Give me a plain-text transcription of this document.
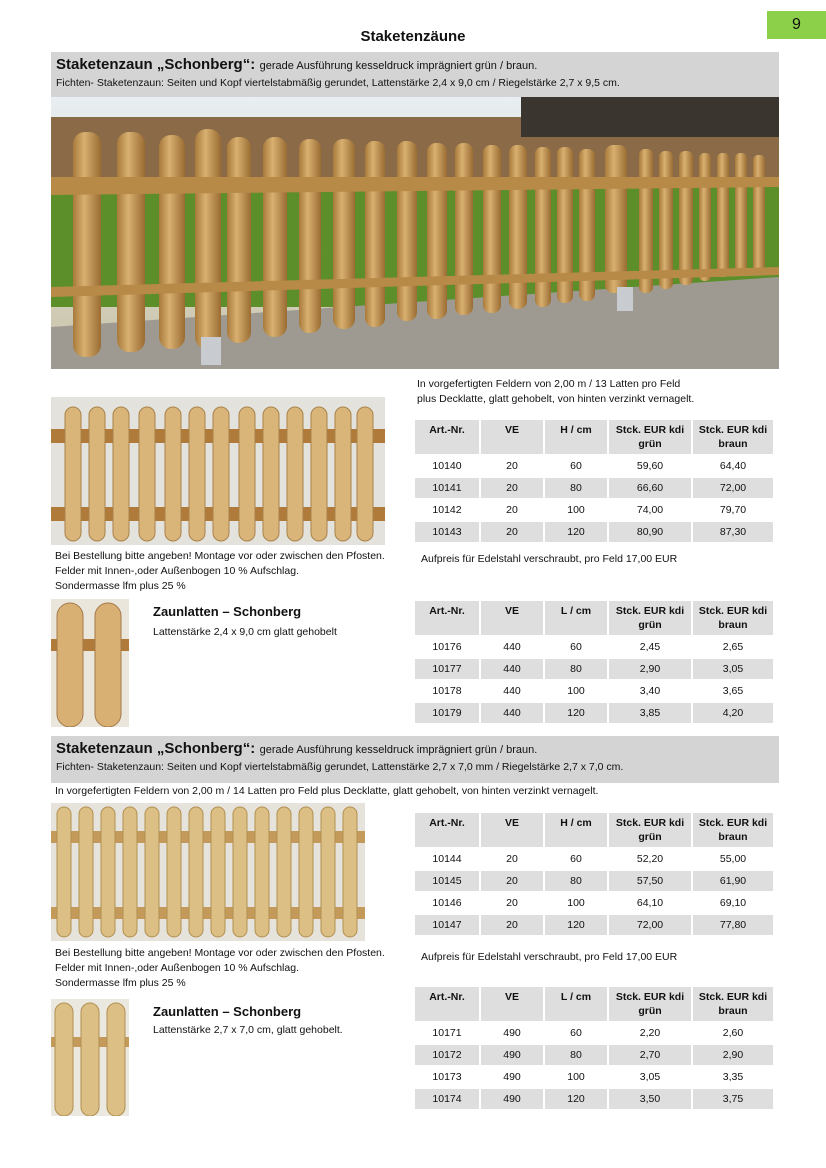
Staketenzäune
9
Staketenzaun „Schonberg“: gerade Ausführung kesseldruck imprägniert grün / braun.
Fichten- Staketenzaun: Seiten und Kopf viertelstabmäßig gerundet, Lattenstärke 2,4 x 9,0 cm / Riegelstärke 2,7 x 9,5 cm.
In vorgefertigten Feldern von 2,00 m / 13 Latten pro Feld
plus Decklatte, glatt gehobelt, von hinten verzinkt vernagelt.
Art.-Nr.	VE	H / cm	Stck. EUR kdi grün	Stck. EUR kdi braun
10140	20	60	59,60	64,40
10141	20	80	66,60	72,00
10142	20	100	74,00	79,70
10143	20	120	80,90	87,30
Bei Bestellung bitte angeben! Montage vor oder zwischen den Pfosten.
Felder mit Innen-,oder Außenbogen 10 % Aufschlag.
Sondermasse lfm plus 25 %
Aufpreis für Edelstahl verschraubt, pro Feld 17,00 EUR
Zaunlatten – Schonberg
Lattenstärke 2,4 x 9,0 cm glatt gehobelt
Art.-Nr.	VE	L / cm	Stck. EUR kdi grün	Stck. EUR kdi braun
10176	440	60	2,45	2,65
10177	440	80	2,90	3,05
10178	440	100	3,40	3,65
10179	440	120	3,85	4,20
Staketenzaun „Schonberg“: gerade Ausführung kesseldruck imprägniert grün / braun.
Fichten- Staketenzaun: Seiten und Kopf viertelstabmäßig gerundet, Lattenstärke 2,7 x 7,0 mm / Riegelstärke 2,7 x 7,0 cm.
In vorgefertigten Feldern von 2,00 m / 14 Latten pro Feld plus Decklatte, glatt gehobelt, von hinten verzinkt vernagelt.
Art.-Nr.	VE	H / cm	Stck. EUR kdi grün	Stck. EUR kdi braun
10144	20	60	52,20	55,00
10145	20	80	57,50	61,90
10146	20	100	64,10	69,10
10147	20	120	72,00	77,80
Bei Bestellung bitte angeben! Montage vor oder zwischen den Pfosten.
Felder mit Innen-,oder Außenbogen 10 % Aufschlag.
Sondermasse lfm plus 25 %
Aufpreis für Edelstahl verschraubt, pro Feld 17,00 EUR
Zaunlatten – Schonberg
Lattenstärke 2,7 x 7,0 cm, glatt gehobelt.
Art.-Nr.	VE	L / cm	Stck. EUR kdi grün	Stck. EUR kdi braun
10171	490	60	2,20	2,60
10172	490	80	2,70	2,90
10173	490	100	3,05	3,35
10174	490	120	3,50	3,75
